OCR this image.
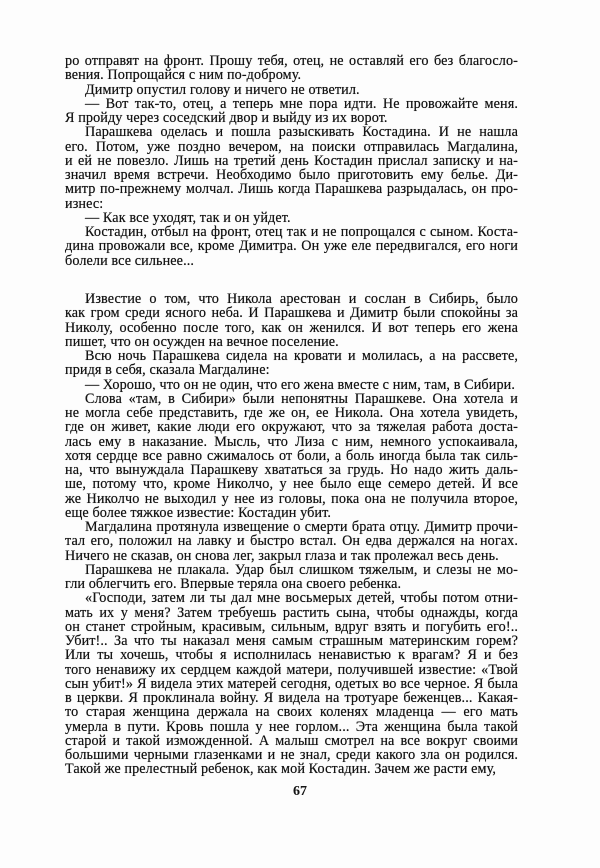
ро отправят на фронт. Прошу тебя, отец, не оставляй его без благосло-
вения. Попрощайся с ним по-доброму.
Димитр опустил голову и ничего не ответил.
— Вот так-то, отец, а теперь мне пора идти. Не провожайте меня.
Я пройду через соседский двор и выйду из их ворот.
Парашкева оделась и пошла разыскивать Костадина. И не нашла
его. Потом, уже поздно вечером, на поиски отправилась Магдалина,
и ей не повезло. Лишь на третий день Костадин прислал записку и на-
значил время встречи. Необходимо было приготовить ему белье. Ди-
митр по-прежнему молчал. Лишь когда Парашкева разрыдалась, он про-
изнес:
— Как все уходят, так и он уйдет.
Костадин, отбыл на фронт, отец так и не попрощался с сыном. Коста-
дина провожали все, кроме Димитра. Он уже еле передвигался, его ноги
болели все сильнее...
Известие о том, что Никола арестован и сослан в Сибирь, было
как гром среди ясного неба. И Парашкева и Димитр были спокойны за
Николу, особенно после того, как он женился. И вот теперь его жена
пишет, что он осужден на вечное поселение.
Всю ночь Парашкева сидела на кровати и молилась, а на рассвете,
придя в себя, сказала Магдалине:
— Хорошо, что он не один, что его жена вместе с ним, там, в Сибири.
Слова «там, в Сибири» были непонятны Парашкеве. Она хотела и
не могла себе представить, где же он, ее Никола. Она хотела увидеть,
где он живет, какие люди его окружают, что за тяжелая работа доста-
лась ему в наказание. Мысль, что Лиза с ним, немного успокаивала,
хотя сердце все равно сжималось от боли, а боль иногда была так силь-
на, что вынуждала Парашкеву хвататься за грудь. Но надо жить даль-
ше, потому что, кроме Николчо, у нее было еще семеро детей. И все
же Николчо не выходил у нее из головы, пока она не получила второе,
еще более тяжкое известие: Костадин убит.
Магдалина протянула извещение о смерти брата отцу. Димитр прочи-
тал его, положил на лавку и быстро встал. Он едва держался на ногах.
Ничего не сказав, он снова лег, закрыл глаза и так пролежал весь день.
Парашкева не плакала. Удар был слишком тяжелым, и слезы не мо-
гли облегчить его. Впервые теряла она своего ребенка.
«Господи, затем ли ты дал мне восьмерых детей, чтобы потом отни-
мать их у меня? Затем требуешь растить сына, чтобы однажды, когда
он станет стройным, красивым, сильным, вдруг взять и погубить его!..
Убит!.. За что ты наказал меня самым страшным материнским горем?
Или ты хочешь, чтобы я исполнилась ненавистью к врагам? Я и без
того ненавижу их сердцем каждой матери, получившей известие: «Твой
сын убит!» Я видела этих матерей сегодня, одетых во все черное. Я была
в церкви. Я проклинала войну. Я видела на тротуаре беженцев... Какая-
то старая женщина держала на своих коленях младенца — его мать
умерла в пути. Кровь пошла у нее горлом... Эта женщина была такой
старой и такой изможденной. А малыш смотрел на все вокруг своими
большими черными глазенками и не знал, среди какого зла он родился.
Такой же прелестный ребенок, как мой Костадин. Зачем же расти ему,
67
